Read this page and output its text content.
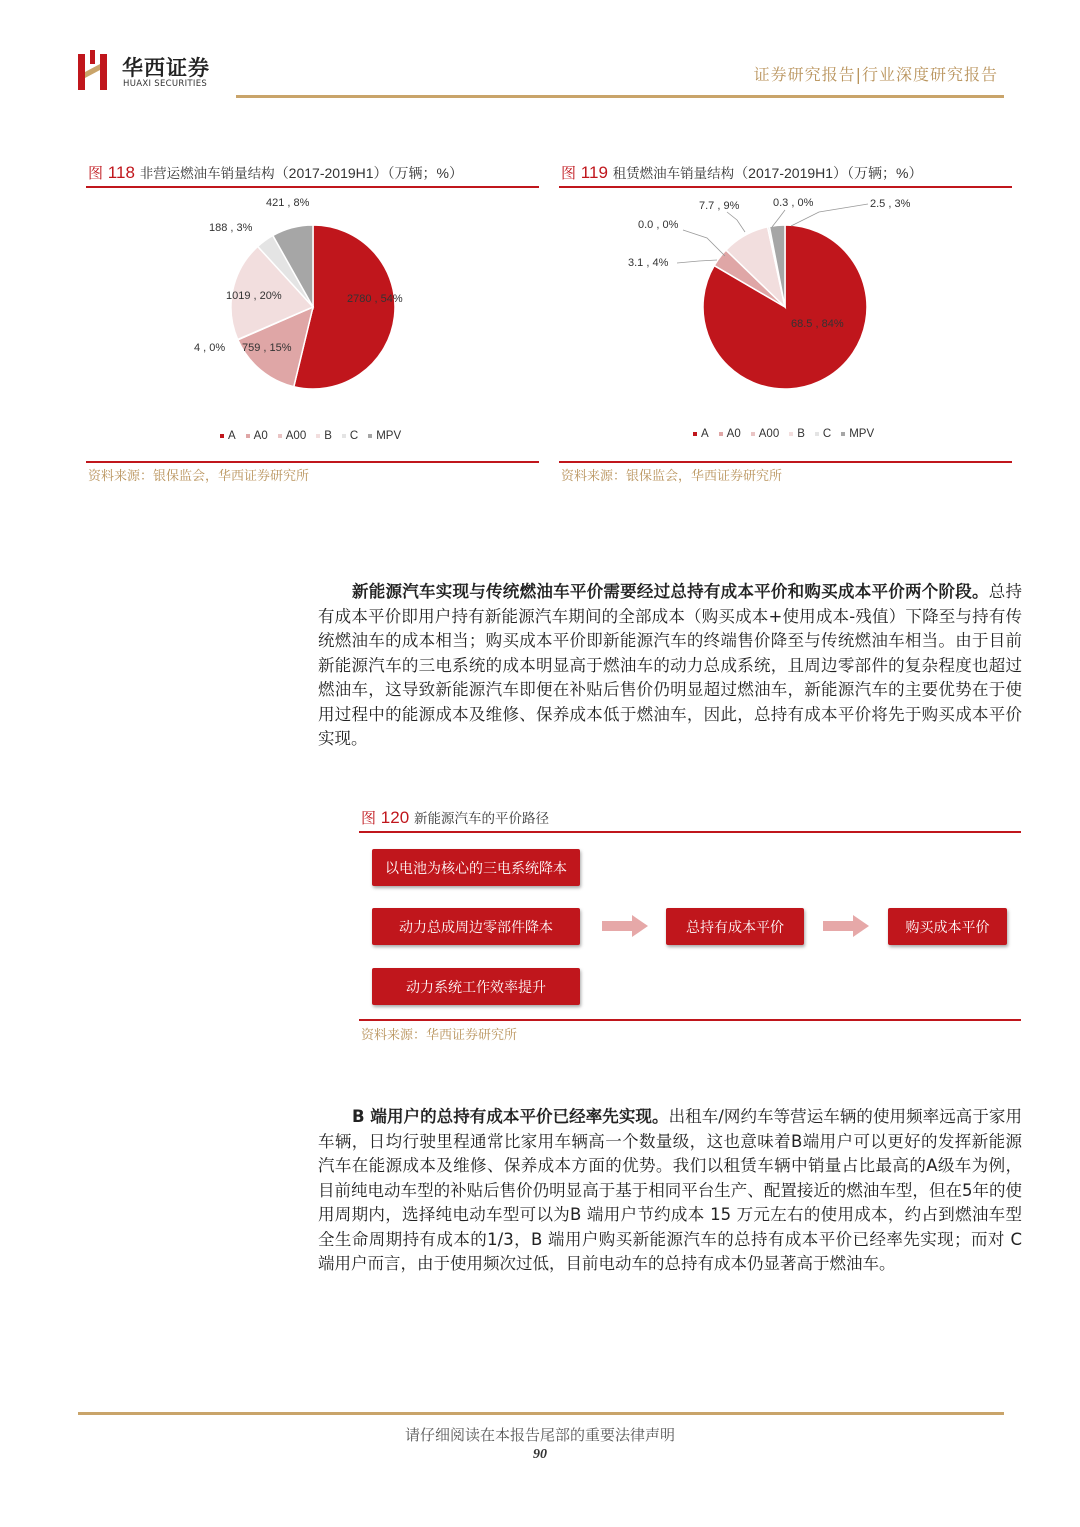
华西证券
HUAXI SECURITIES	证券研究报告|行业深度研究报告
图 118 非营运燃油车销量结构（2017-2019H1）（万辆；%）
2780 , 54%
759 , 15%
4 , 0%
1019 , 20%
188 , 3%
421 , 8%
A A0 A00 B C MPV
资料来源：银保监会，华西证券研究所
图 119 租赁燃油车销量结构（2017-2019H1）（万辆；%）
68.5 , 84%
3.1 , 4%
0.0 , 0%
7.7 , 9%	0.3 , 0%	2.5 , 3%
A A0 A00 B C MPV
资料来源：银保监会，华西证券研究所
新能源汽车实现与传统燃油车平价需要经过总持有成本平价和购买成本平价两个阶段。总持有成本平价即用户持有新能源汽车期间的全部成本（购买成本+使用成本-残值）下降至与持有传统燃油车的成本相当；购买成本平价即新能源汽车的终端售价降至与传统燃油车相当。由于目前新能源汽车的三电系统的成本明显高于燃油车的动力总成系统，且周边零部件的复杂程度也超过燃油车，这导致新能源汽车即便在补贴后售价仍明显超过燃油车，新能源汽车的主要优势在于使用过程中的能源成本及维修、保养成本低于燃油车，因此，总持有成本平价将先于购买成本平价实现。
图 120 新能源汽车的平价路径
以电池为核心的三电系统降本
动力总成周边零部件降本
动力系统工作效率提升
总持有成本平价	购买成本平价
资料来源：华西证券研究所
B 端用户的总持有成本平价已经率先实现。出租车/网约车等营运车辆的使用频率远高于家用车辆，日均行驶里程通常比家用车辆高一个数量级，这也意味着B端用户可以更好的发挥新能源汽车在能源成本及维修、保养成本方面的优势。我们以租赁车辆中销量占比最高的A级车为例，目前纯电动车型的补贴后售价仍明显高于基于相同平台生产、配置接近的燃油车型，但在5年的使用周期内，选择纯电动车型可以为B 端用户节约成本 15 万元左右的使用成本，约占到燃油车型全生命周期持有成本的1/3，B 端用户购买新能源汽车的总持有成本平价已经率先实现；而对 C 端用户而言，由于使用频次过低，目前电动车的总持有成本仍显著高于燃油车。
请仔细阅读在本报告尾部的重要法律声明
90
